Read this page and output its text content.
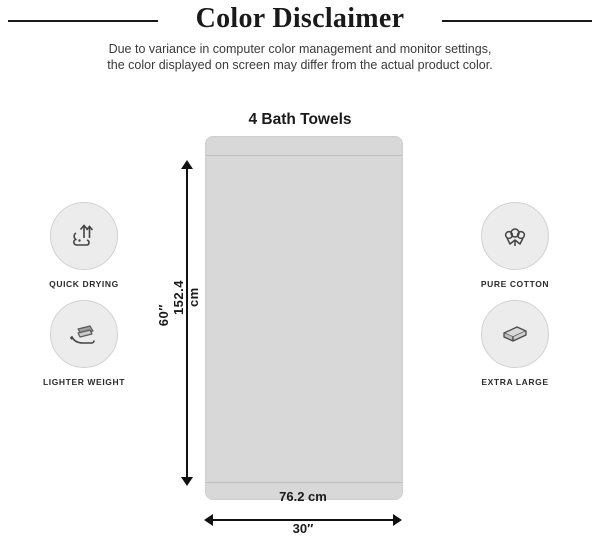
Color Disclaimer
Due to variance in computer color management and monitor settings, the color displayed on screen may differ from the actual product color.
4 Bath Towels
60″
152.4 cm
76.2 cm
30″
QUICK DRYING
LIGHTER WEIGHT
PURE COTTON
EXTRA LARGE
